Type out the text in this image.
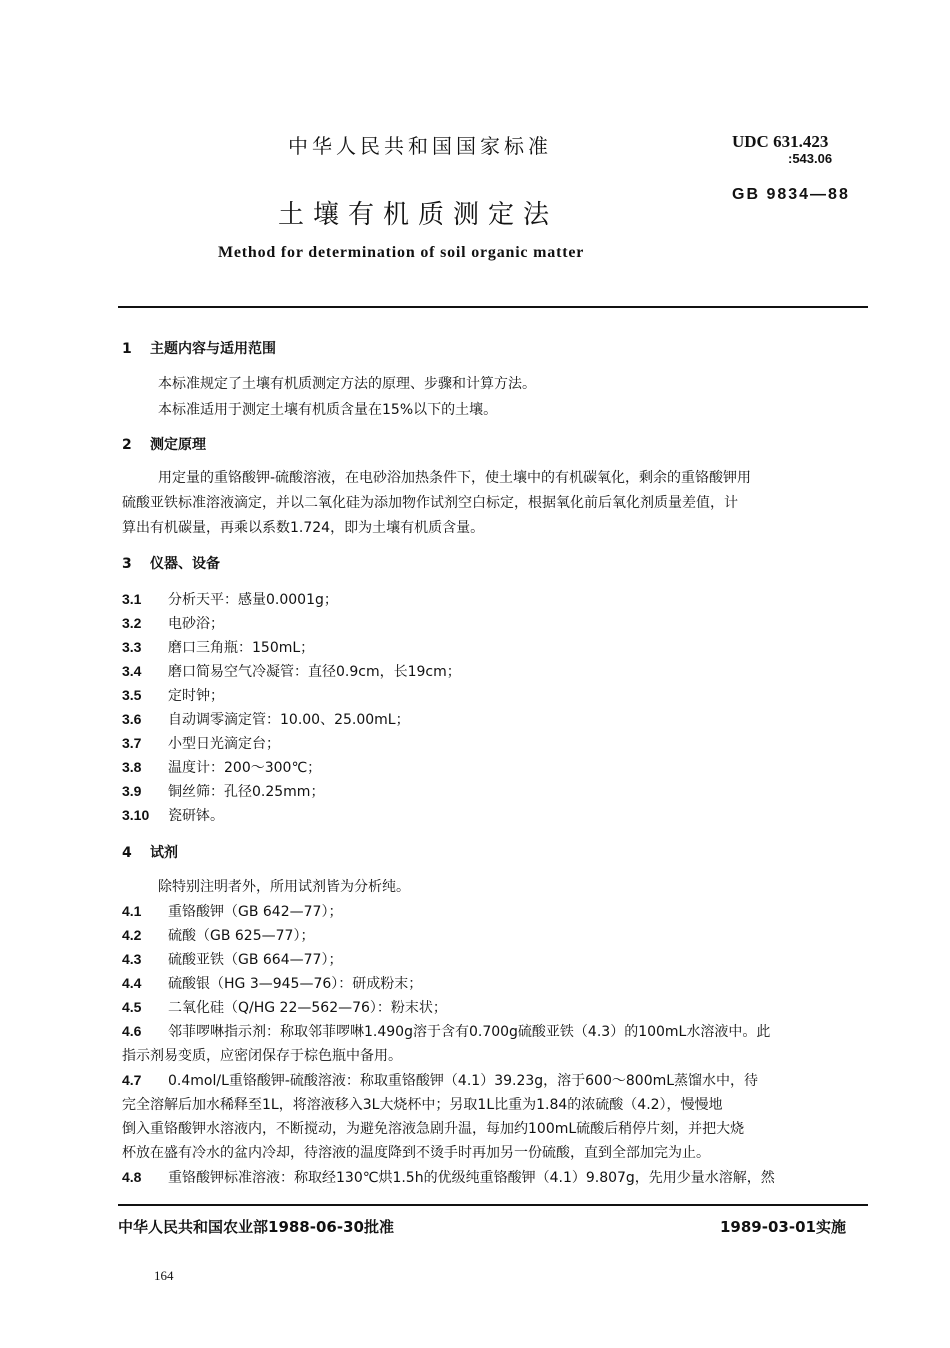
中华人民共和国国家标准	UDC 631.423
:543.06
GB 9834—88
土壤有机质测定法
Method for determination of soil organic matter
1 主题内容与适用范围
本标准规定了土壤有机质测定方法的原理、步骤和计算方法。
本标准适用于测定土壤有机质含量在15%以下的土壤。
2 测定原理
用定量的重铬酸钾-硫酸溶液，在电砂浴加热条件下，使土壤中的有机碳氧化，剩余的重铬酸钾用
硫酸亚铁标准溶液滴定，并以二氧化硅为添加物作试剂空白标定，根据氧化前后氧化剂质量差值，计
算出有机碳量，再乘以系数1.724，即为土壤有机质含量。
3 仪器、设备
3.1 分析天平：感量0.0001g；
3.2 电砂浴；
3.3 磨口三角瓶：150mL；
3.4 磨口简易空气冷凝管：直径0.9cm，长19cm；
3.5 定时钟；
3.6 自动调零滴定管：10.00、25.00mL；
3.7 小型日光滴定台；
3.8 温度计：200～300℃；
3.9 铜丝筛：孔径0.25mm；
3.10 瓷研钵。
4 试剂
除特别注明者外，所用试剂皆为分析纯。
4.1 重铬酸钾（GB 642—77）；
4.2 硫酸（GB 625—77）；
4.3 硫酸亚铁（GB 664—77）；
4.4 硫酸银（HG 3—945—76）：研成粉末；
4.5 二氧化硅（Q/HG 22—562—76）：粉末状；
4.6 邻菲啰啉指示剂：称取邻菲啰啉1.490g溶于含有0.700g硫酸亚铁（4.3）的100mL水溶液中。此
指示剂易变质，应密闭保存于棕色瓶中备用。
4.7 0.4mol/L重铬酸钾-硫酸溶液：称取重铬酸钾（4.1）39.23g，溶于600～800mL蒸馏水中，待
完全溶解后加水稀释至1L，将溶液移入3L大烧杯中；另取1L比重为1.84的浓硫酸（4.2），慢慢地
倒入重铬酸钾水溶液内，不断搅动，为避免溶液急剧升温，每加约100mL硫酸后稍停片刻，并把大烧
杯放在盛有冷水的盆内冷却，待溶液的温度降到不烫手时再加另一份硫酸，直到全部加完为止。
4.8 重铬酸钾标准溶液：称取经130℃烘1.5h的优级纯重铬酸钾（4.1）9.807g，先用少量水溶解，然
中华人民共和国农业部1988-06-30批准	1989-03-01实施
164
